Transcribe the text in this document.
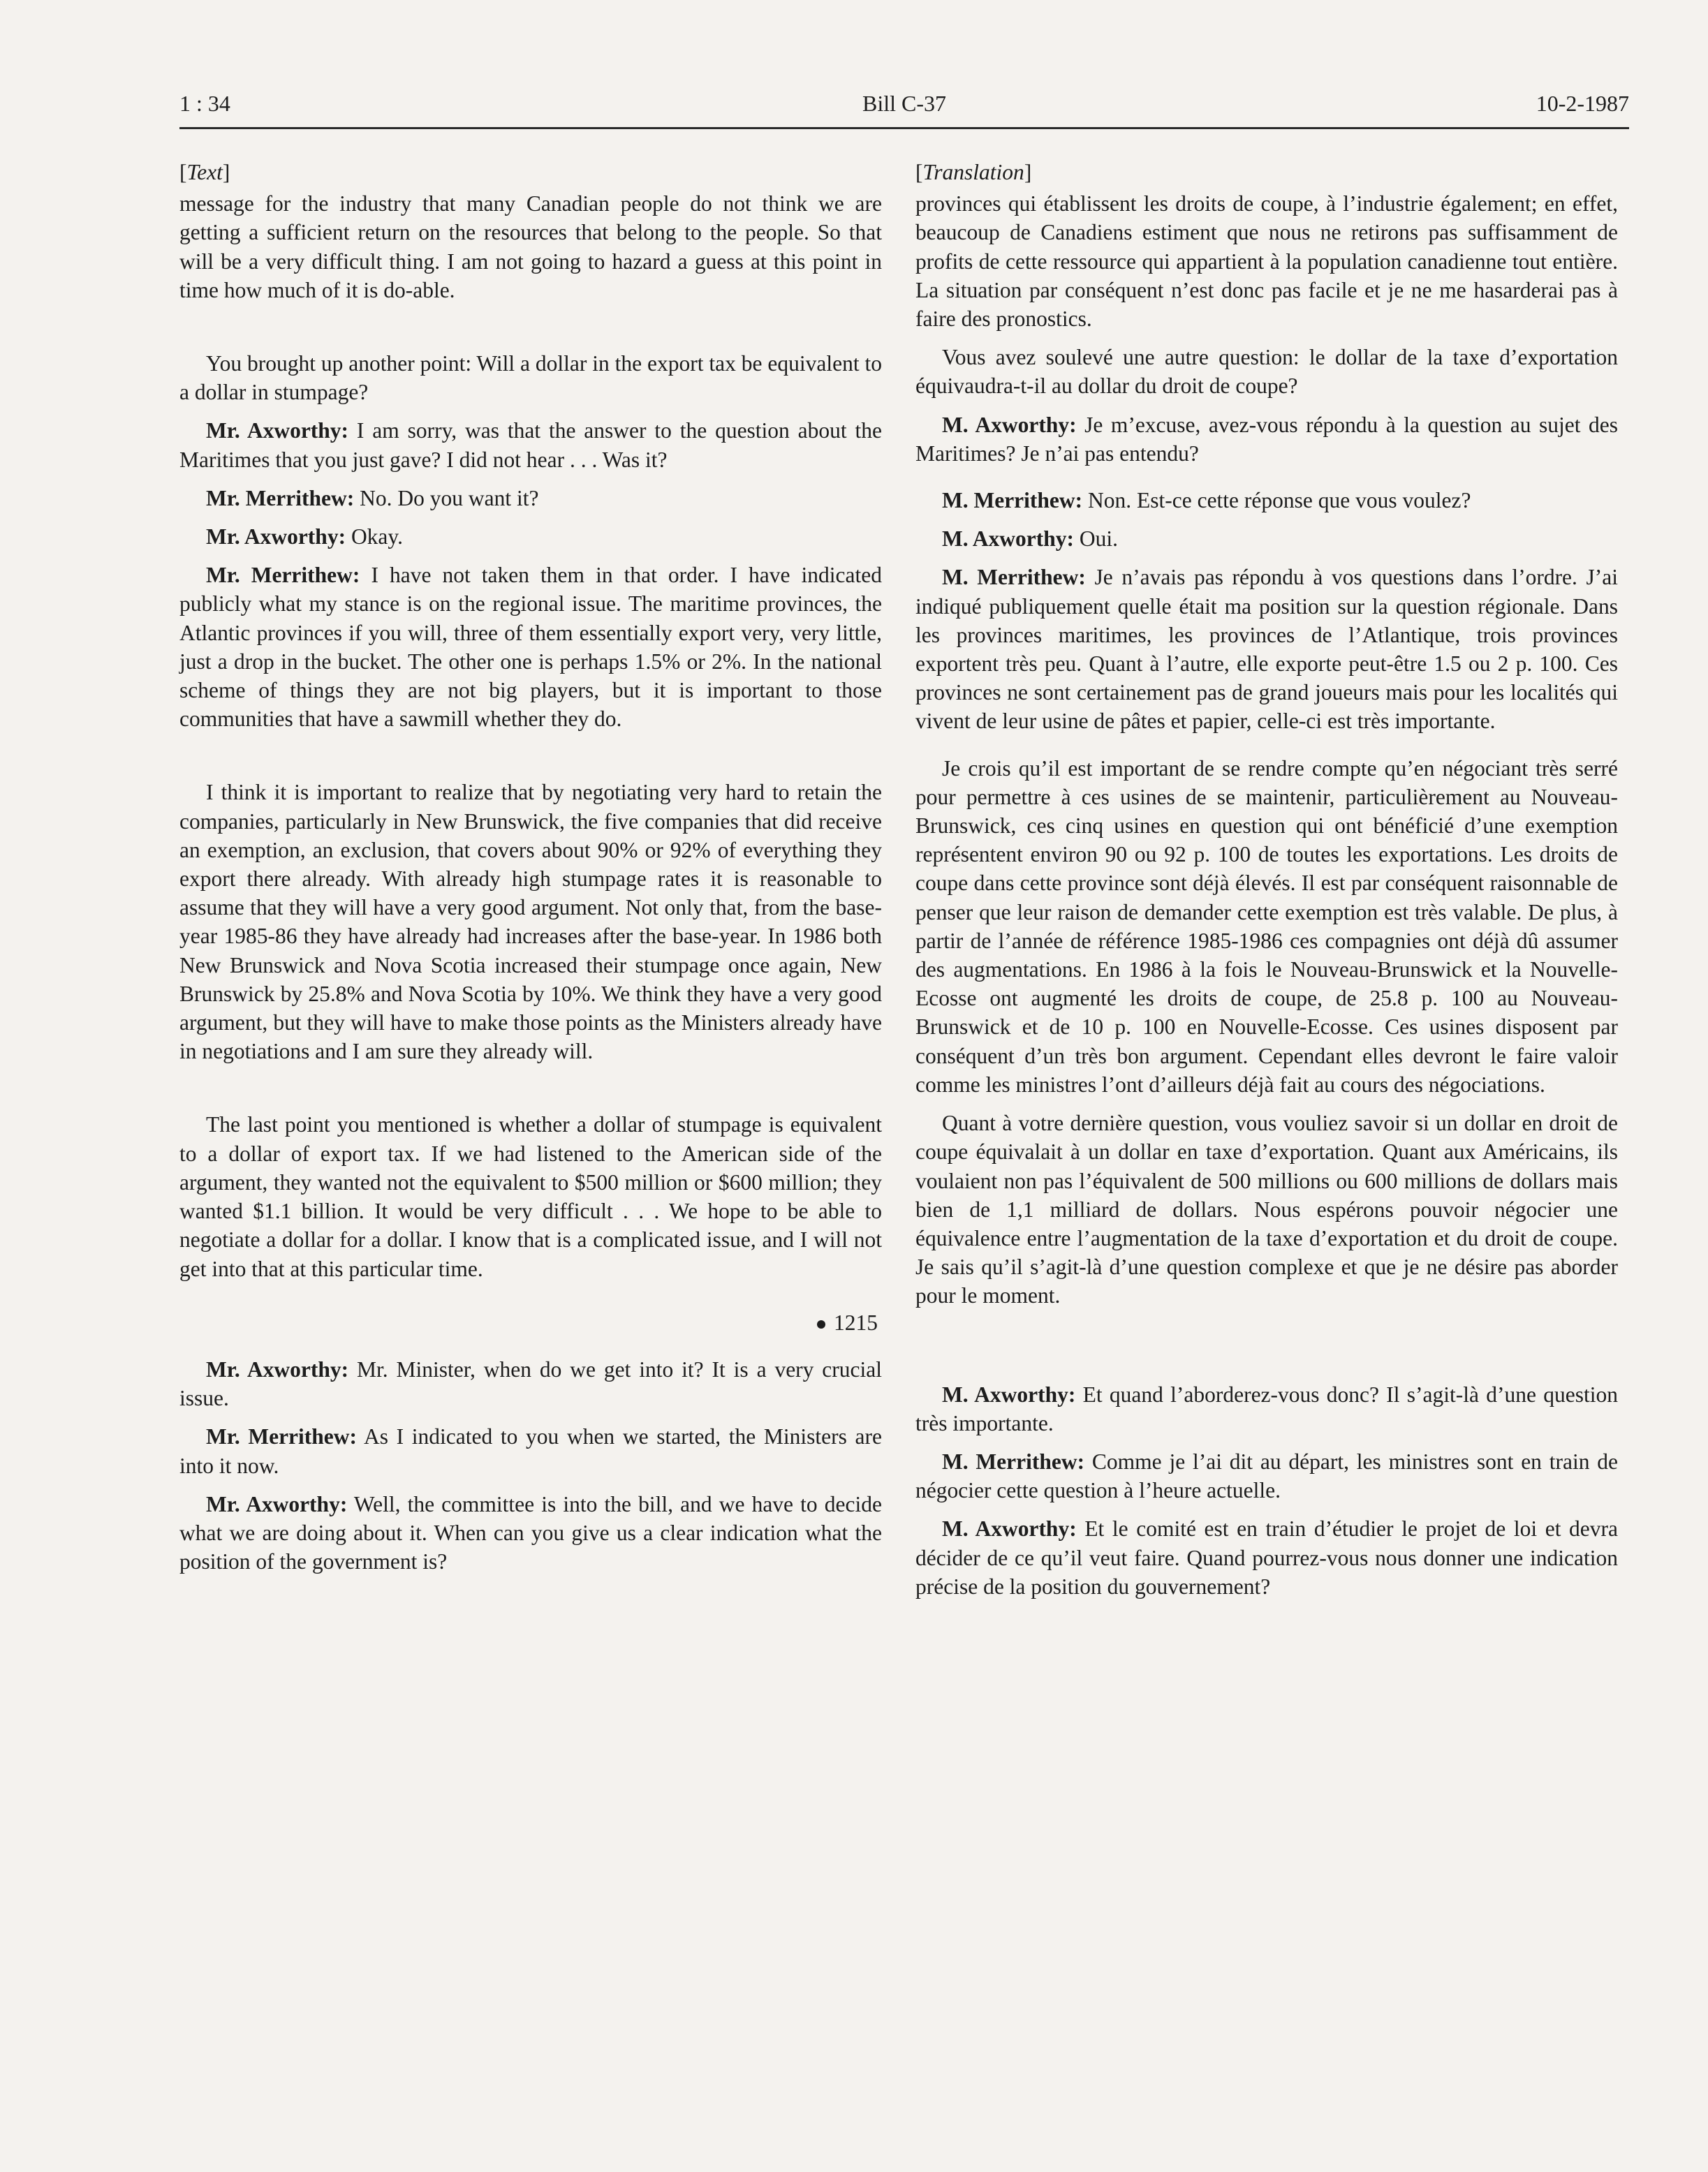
1 : 34	Bill C-37	10-2-1987
[Text]

message for the industry that many Canadian people do not think we are getting a sufficient return on the resources that belong to the people. So that will be a very difficult thing. I am not going to hazard a guess at this point in time how much of it is do-able.

You brought up another point: Will a dollar in the export tax be equivalent to a dollar in stumpage?

Mr. Axworthy: I am sorry, was that the answer to the question about the Maritimes that you just gave? I did not hear . . . Was it?

Mr. Merrithew: No. Do you want it?

Mr. Axworthy: Okay.

Mr. Merrithew: I have not taken them in that order. I have indicated publicly what my stance is on the regional issue. The maritime provinces, the Atlantic provinces if you will, three of them essentially export very, very little, just a drop in the bucket. The other one is perhaps 1.5% or 2%. In the national scheme of things they are not big players, but it is important to those communities that have a sawmill whether they do.

I think it is important to realize that by negotiating very hard to retain the companies, particularly in New Brunswick, the five companies that did receive an exemption, an exclusion, that covers about 90% or 92% of everything they export there already. With already high stumpage rates it is reasonable to assume that they will have a very good argument. Not only that, from the base-year 1985-86 they have already had increases after the base-year. In 1986 both New Brunswick and Nova Scotia increased their stumpage once again, New Brunswick by 25.8% and Nova Scotia by 10%. We think they have a very good argument, but they will have to make those points as the Ministers already have in negotiations and I am sure they already will.

The last point you mentioned is whether a dollar of stumpage is equivalent to a dollar of export tax. If we had listened to the American side of the argument, they wanted not the equivalent to $500 million or $600 million; they wanted $1.1 billion. It would be very difficult . . . We hope to be able to negotiate a dollar for a dollar. I know that is a complicated issue, and I will not get into that at this particular time.

1215

Mr. Axworthy: Mr. Minister, when do we get into it? It is a very crucial issue.

Mr. Merrithew: As I indicated to you when we started, the Ministers are into it now.

Mr. Axworthy: Well, the committee is into the bill, and we have to decide what we are doing about it. When can you give us a clear indication what the position of the government is?

[Translation]

provinces qui établissent les droits de coupe, à l’industrie également; en effet, beaucoup de Canadiens estiment que nous ne retirons pas suffisamment de profits de cette ressource qui appartient à la population canadienne tout entière. La situation par conséquent n’est donc pas facile et je ne me hasarderai pas à faire des pronostics.

Vous avez soulevé une autre question: le dollar de la taxe d’exportation équivaudra-t-il au dollar du droit de coupe?

M. Axworthy: Je m’excuse, avez-vous répondu à la question au sujet des Maritimes? Je n’ai pas entendu?

M. Merrithew: Non. Est-ce cette réponse que vous voulez?

M. Axworthy: Oui.

M. Merrithew: Je n’avais pas répondu à vos questions dans l’ordre. J’ai indiqué publiquement quelle était ma position sur la question régionale. Dans les provinces maritimes, les provinces de l’Atlantique, trois provinces exportent très peu. Quant à l’autre, elle exporte peut-être 1.5 ou 2 p. 100. Ces provinces ne sont certainement pas de grand joueurs mais pour les localités qui vivent de leur usine de pâtes et papier, celle-ci est très importante.

Je crois qu’il est important de se rendre compte qu’en négociant très serré pour permettre à ces usines de se maintenir, particulièrement au Nouveau-Brunswick, ces cinq usines en question qui ont bénéficié d’une exemption représentent environ 90 ou 92 p. 100 de toutes les exportations. Les droits de coupe dans cette province sont déjà élevés. Il est par conséquent raisonnable de penser que leur raison de demander cette exemption est très valable. De plus, à partir de l’année de référence 1985-1986 ces compagnies ont déjà dû assumer des augmentations. En 1986 à la fois le Nouveau-Brunswick et la Nouvelle-Ecosse ont augmenté les droits de coupe, de 25.8 p. 100 au Nouveau-Brunswick et de 10 p. 100 en Nouvelle-Ecosse. Ces usines disposent par conséquent d’un très bon argument. Cependant elles devront le faire valoir comme les ministres l’ont d’ailleurs déjà fait au cours des négociations.

Quant à votre dernière question, vous vouliez savoir si un dollar en droit de coupe équivalait à un dollar en taxe d’exportation. Quant aux Américains, ils voulaient non pas l’équivalent de 500 millions ou 600 millions de dollars mais bien de 1,1 milliard de dollars. Nous espérons pouvoir négocier une équivalence entre l’augmentation de la taxe d’exportation et du droit de coupe. Je sais qu’il s’agit-là d’une question complexe et que je ne désire pas aborder pour le moment.

M. Axworthy: Et quand l’aborderez-vous donc? Il s’agit-là d’une question très importante.

M. Merrithew: Comme je l’ai dit au départ, les ministres sont en train de négocier cette question à l’heure actuelle.

M. Axworthy: Et le comité est en train d’étudier le projet de loi et devra décider de ce qu’il veut faire. Quand pourrez-vous nous donner une indication précise de la position du gouvernement?
